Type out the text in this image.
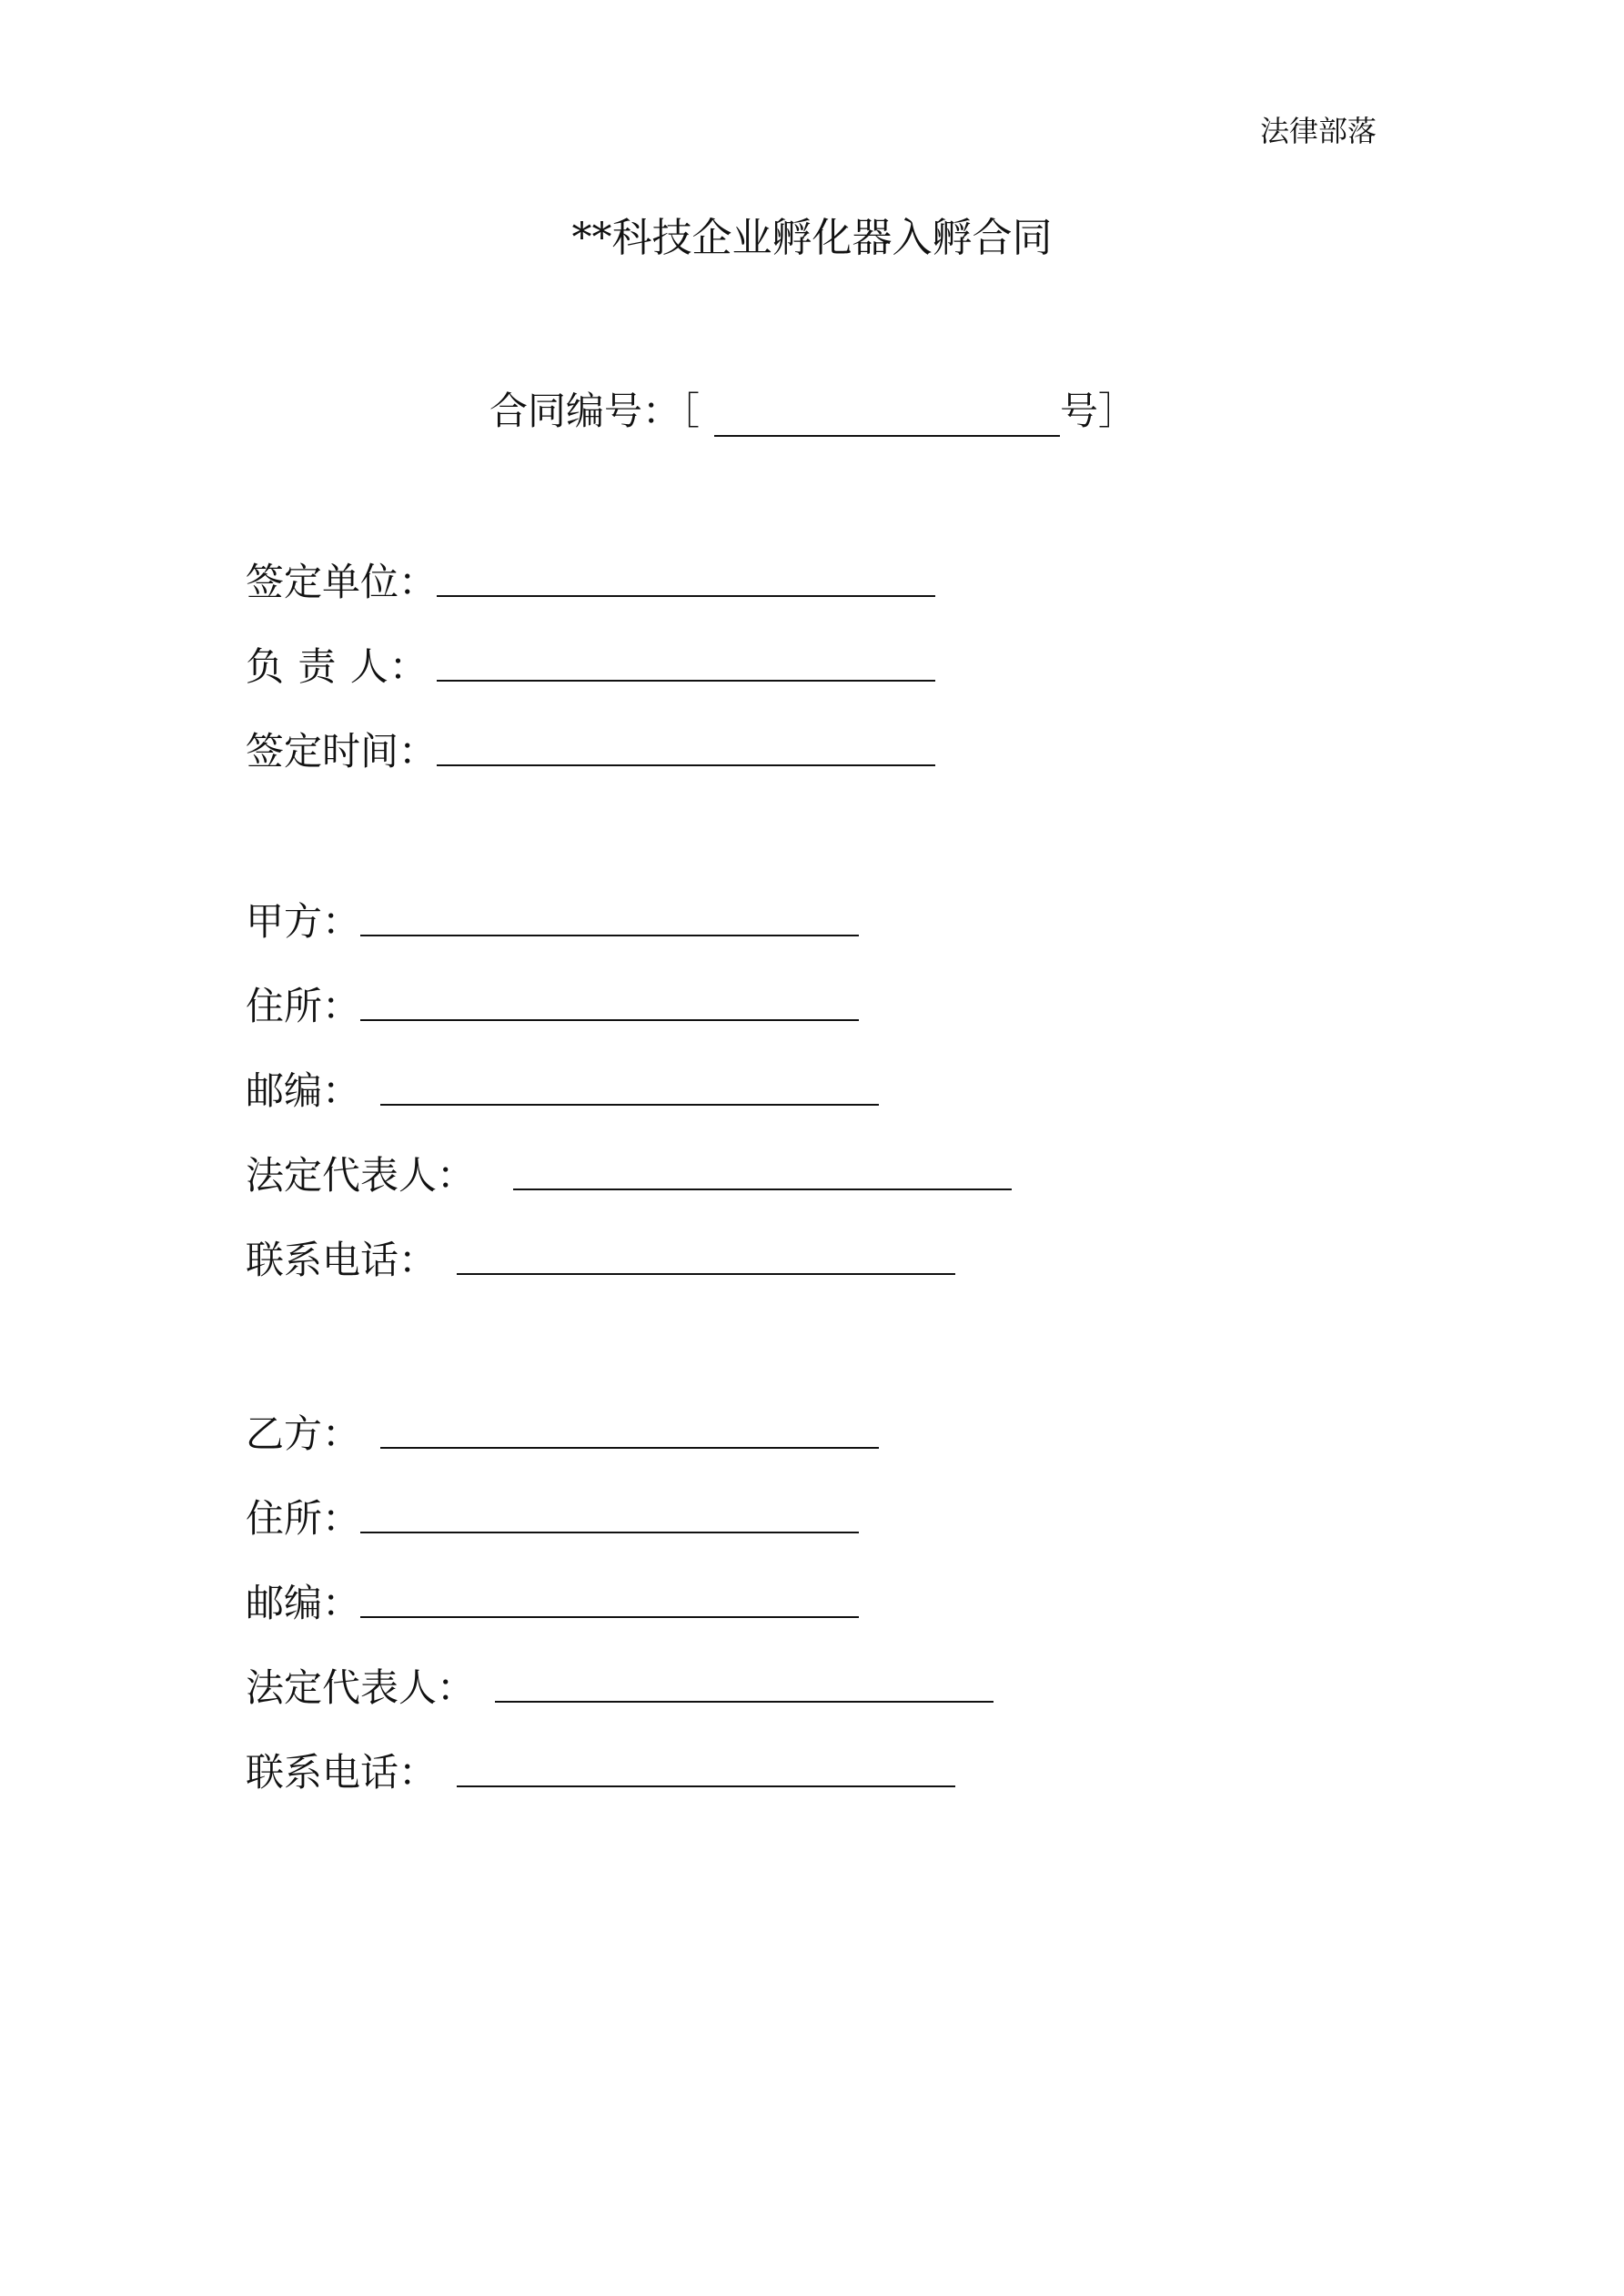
法律部落
**科技企业孵化器入孵合同
合同编号：［	号］
签定单位：
负 责 人：
签定时间：
甲方：
住所：
邮编：
法定代表人：
联系电话：
乙方：
住所：
邮编：
法定代表人：
联系电话：
